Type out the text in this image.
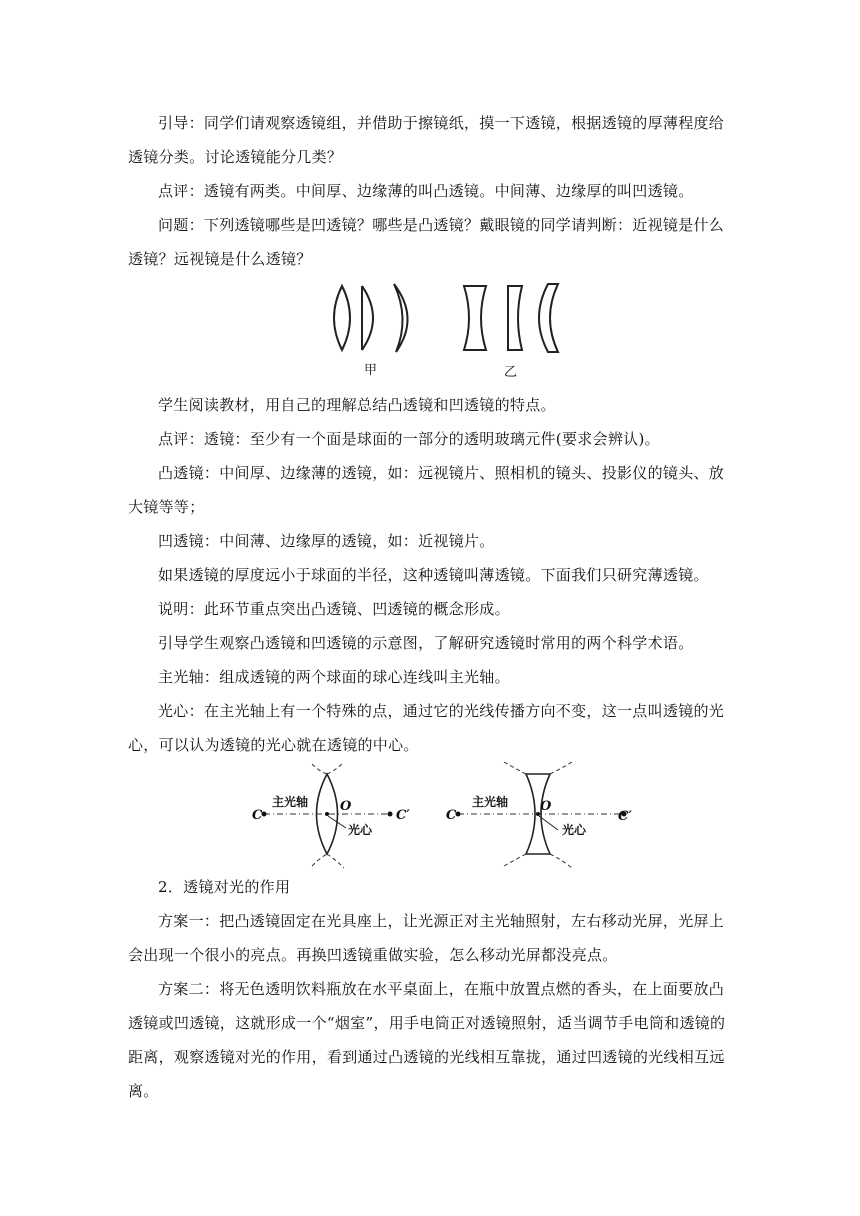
引导：同学们请观察透镜组，并借助于擦镜纸，摸一下透镜，根据透镜的厚薄程度给透镜分类。讨论透镜能分几类？

点评：透镜有两类。中间厚、边缘薄的叫凸透镜。中间薄、边缘厚的叫凹透镜。

问题：下列透镜哪些是凹透镜？哪些是凸透镜？戴眼镜的同学请判断：近视镜是什么透镜？远视镜是什么透镜？

甲	乙

学生阅读教材，用自己的理解总结凸透镜和凹透镜的特点。

点评：透镜：至少有一个面是球面的一部分的透明玻璃元件(要求会辨认)。

凸透镜：中间厚、边缘薄的透镜，如：远视镜片、照相机的镜头、投影仪的镜头、放大镜等等；

凹透镜：中间薄、边缘厚的透镜，如：近视镜片。

如果透镜的厚度远小于球面的半径，这种透镜叫薄透镜。下面我们只研究薄透镜。

说明：此环节重点突出凸透镜、凹透镜的概念形成。

引导学生观察凸透镜和凹透镜的示意图，了解研究透镜时常用的两个科学术语。

主光轴：组成透镜的两个球面的球心连线叫主光轴。

光心：在主光轴上有一个特殊的点，通过它的光线传播方向不变，这一点叫透镜的光心，可以认为透镜的光心就在透镜的中心。

主光轴
C
O
C′
光心
主光轴
C
O
C′
光心

2．透镜对光的作用

方案一：把凸透镜固定在光具座上，让光源正对主光轴照射，左右移动光屏，光屏上会出现一个很小的亮点。再换凹透镜重做实验，怎么移动光屏都没亮点。

方案二：将无色透明饮料瓶放在水平桌面上，在瓶中放置点燃的香头，在上面要放凸透镜或凹透镜，这就形成一个“烟室”，用手电筒正对透镜照射，适当调节手电筒和透镜的距离，观察透镜对光的作用，看到通过凸透镜的光线相互靠拢，通过凹透镜的光线相互远离。
